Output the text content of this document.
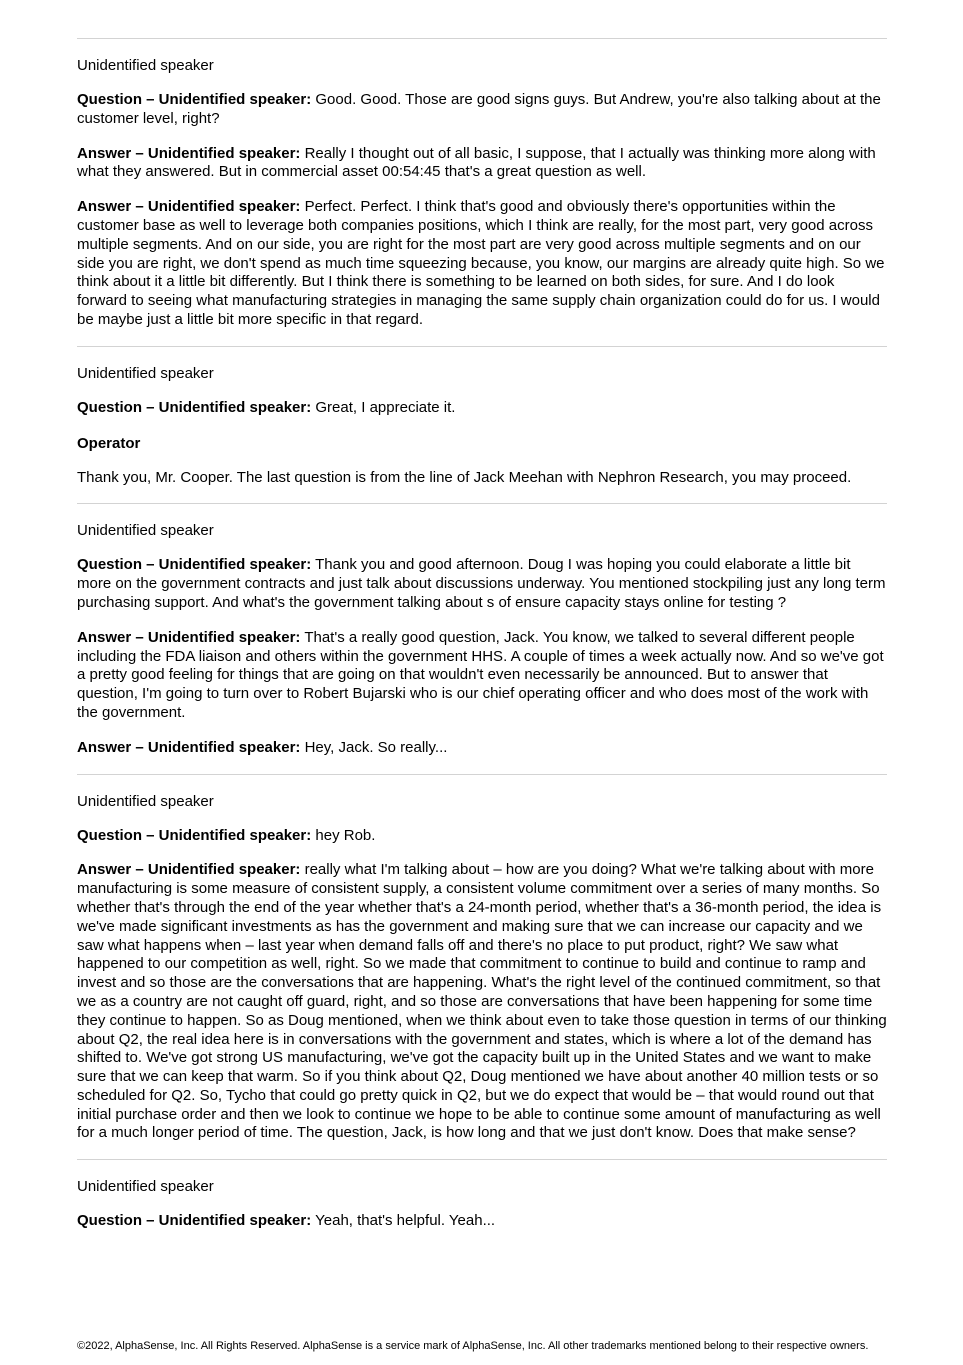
Unidentified speaker

Question – Unidentified speaker: Good. Good. Those are good signs guys. But Andrew, you're also talking about at the customer level, right?

Answer – Unidentified speaker: Really I thought out of all basic, I suppose, that I actually was thinking more along with what they answered. But in commercial asset 00:54:45 that's a great question as well.

Answer – Unidentified speaker: Perfect. Perfect. I think that's good and obviously there's opportunities within the customer base as well to leverage both companies positions, which I think are really, for the most part, very good across multiple segments. And on our side, you are right for the most part are very good across multiple segments and on our side you are right, we don't spend as much time squeezing because, you know, our margins are already quite high. So we think about it a little bit differently. But I think there is something to be learned on both sides, for sure. And I do look forward to seeing what manufacturing strategies in managing the same supply chain organization could do for us. I would be maybe just a little bit more specific in that regard.

Unidentified speaker

Question – Unidentified speaker: Great, I appreciate it.

Operator

Thank you, Mr. Cooper. The last question is from the line of Jack Meehan with Nephron Research, you may proceed.

Unidentified speaker

Question – Unidentified speaker: Thank you and good afternoon. Doug I was hoping you could elaborate a little bit more on the government contracts and just talk about discussions underway. You mentioned stockpiling just any long term purchasing support. And what's the government talking about s of ensure capacity stays online for testing ?

Answer – Unidentified speaker: That's a really good question, Jack. You know, we talked to several different people including the FDA liaison and others within the government HHS. A couple of times a week actually now. And so we've got a pretty good feeling for things that are going on that wouldn't even necessarily be announced. But to answer that question, I'm going to turn over to Robert Bujarski who is our chief operating officer and who does most of the work with the government.

Answer – Unidentified speaker: Hey, Jack. So really...

Unidentified speaker

Question – Unidentified speaker: hey Rob.

Answer – Unidentified speaker: really what I'm talking about – how are you doing? What we're talking about with more manufacturing is some measure of consistent supply, a consistent volume commitment over a series of many months. So whether that's through the end of the year whether that's a 24-month period, whether that's a 36-month period, the idea is we've made significant investments as has the government and making sure that we can increase our capacity and we saw what happens when – last year when demand falls off and there's no place to put product, right? We saw what happened to our competition as well, right. So we made that commitment to continue to build and continue to ramp and invest and so those are the conversations that are happening. What's the right level of the continued commitment, so that we as a country are not caught off guard, right, and so those are conversations that have been happening for some time they continue to happen. So as Doug mentioned, when we think about even to take those question in terms of our thinking about Q2, the real idea here is in conversations with the government and states, which is where a lot of the demand has shifted to. We've got strong US manufacturing, we've got the capacity built up in the United States and we want to make sure that we can keep that warm. So if you think about Q2, Doug mentioned we have about another 40 million tests or so scheduled for Q2. So, Tycho that could go pretty quick in Q2, but we do expect that would be – that would round out that initial purchase order and then we look to continue we hope to be able to continue some amount of manufacturing as well for a much longer period of time. The question, Jack, is how long and that we just don't know. Does that make sense?

Unidentified speaker

Question – Unidentified speaker: Yeah, that's helpful. Yeah...

©2022, AlphaSense, Inc. All Rights Reserved. AlphaSense is a service mark of AlphaSense, Inc. All other trademarks mentioned belong to their respective owners.
